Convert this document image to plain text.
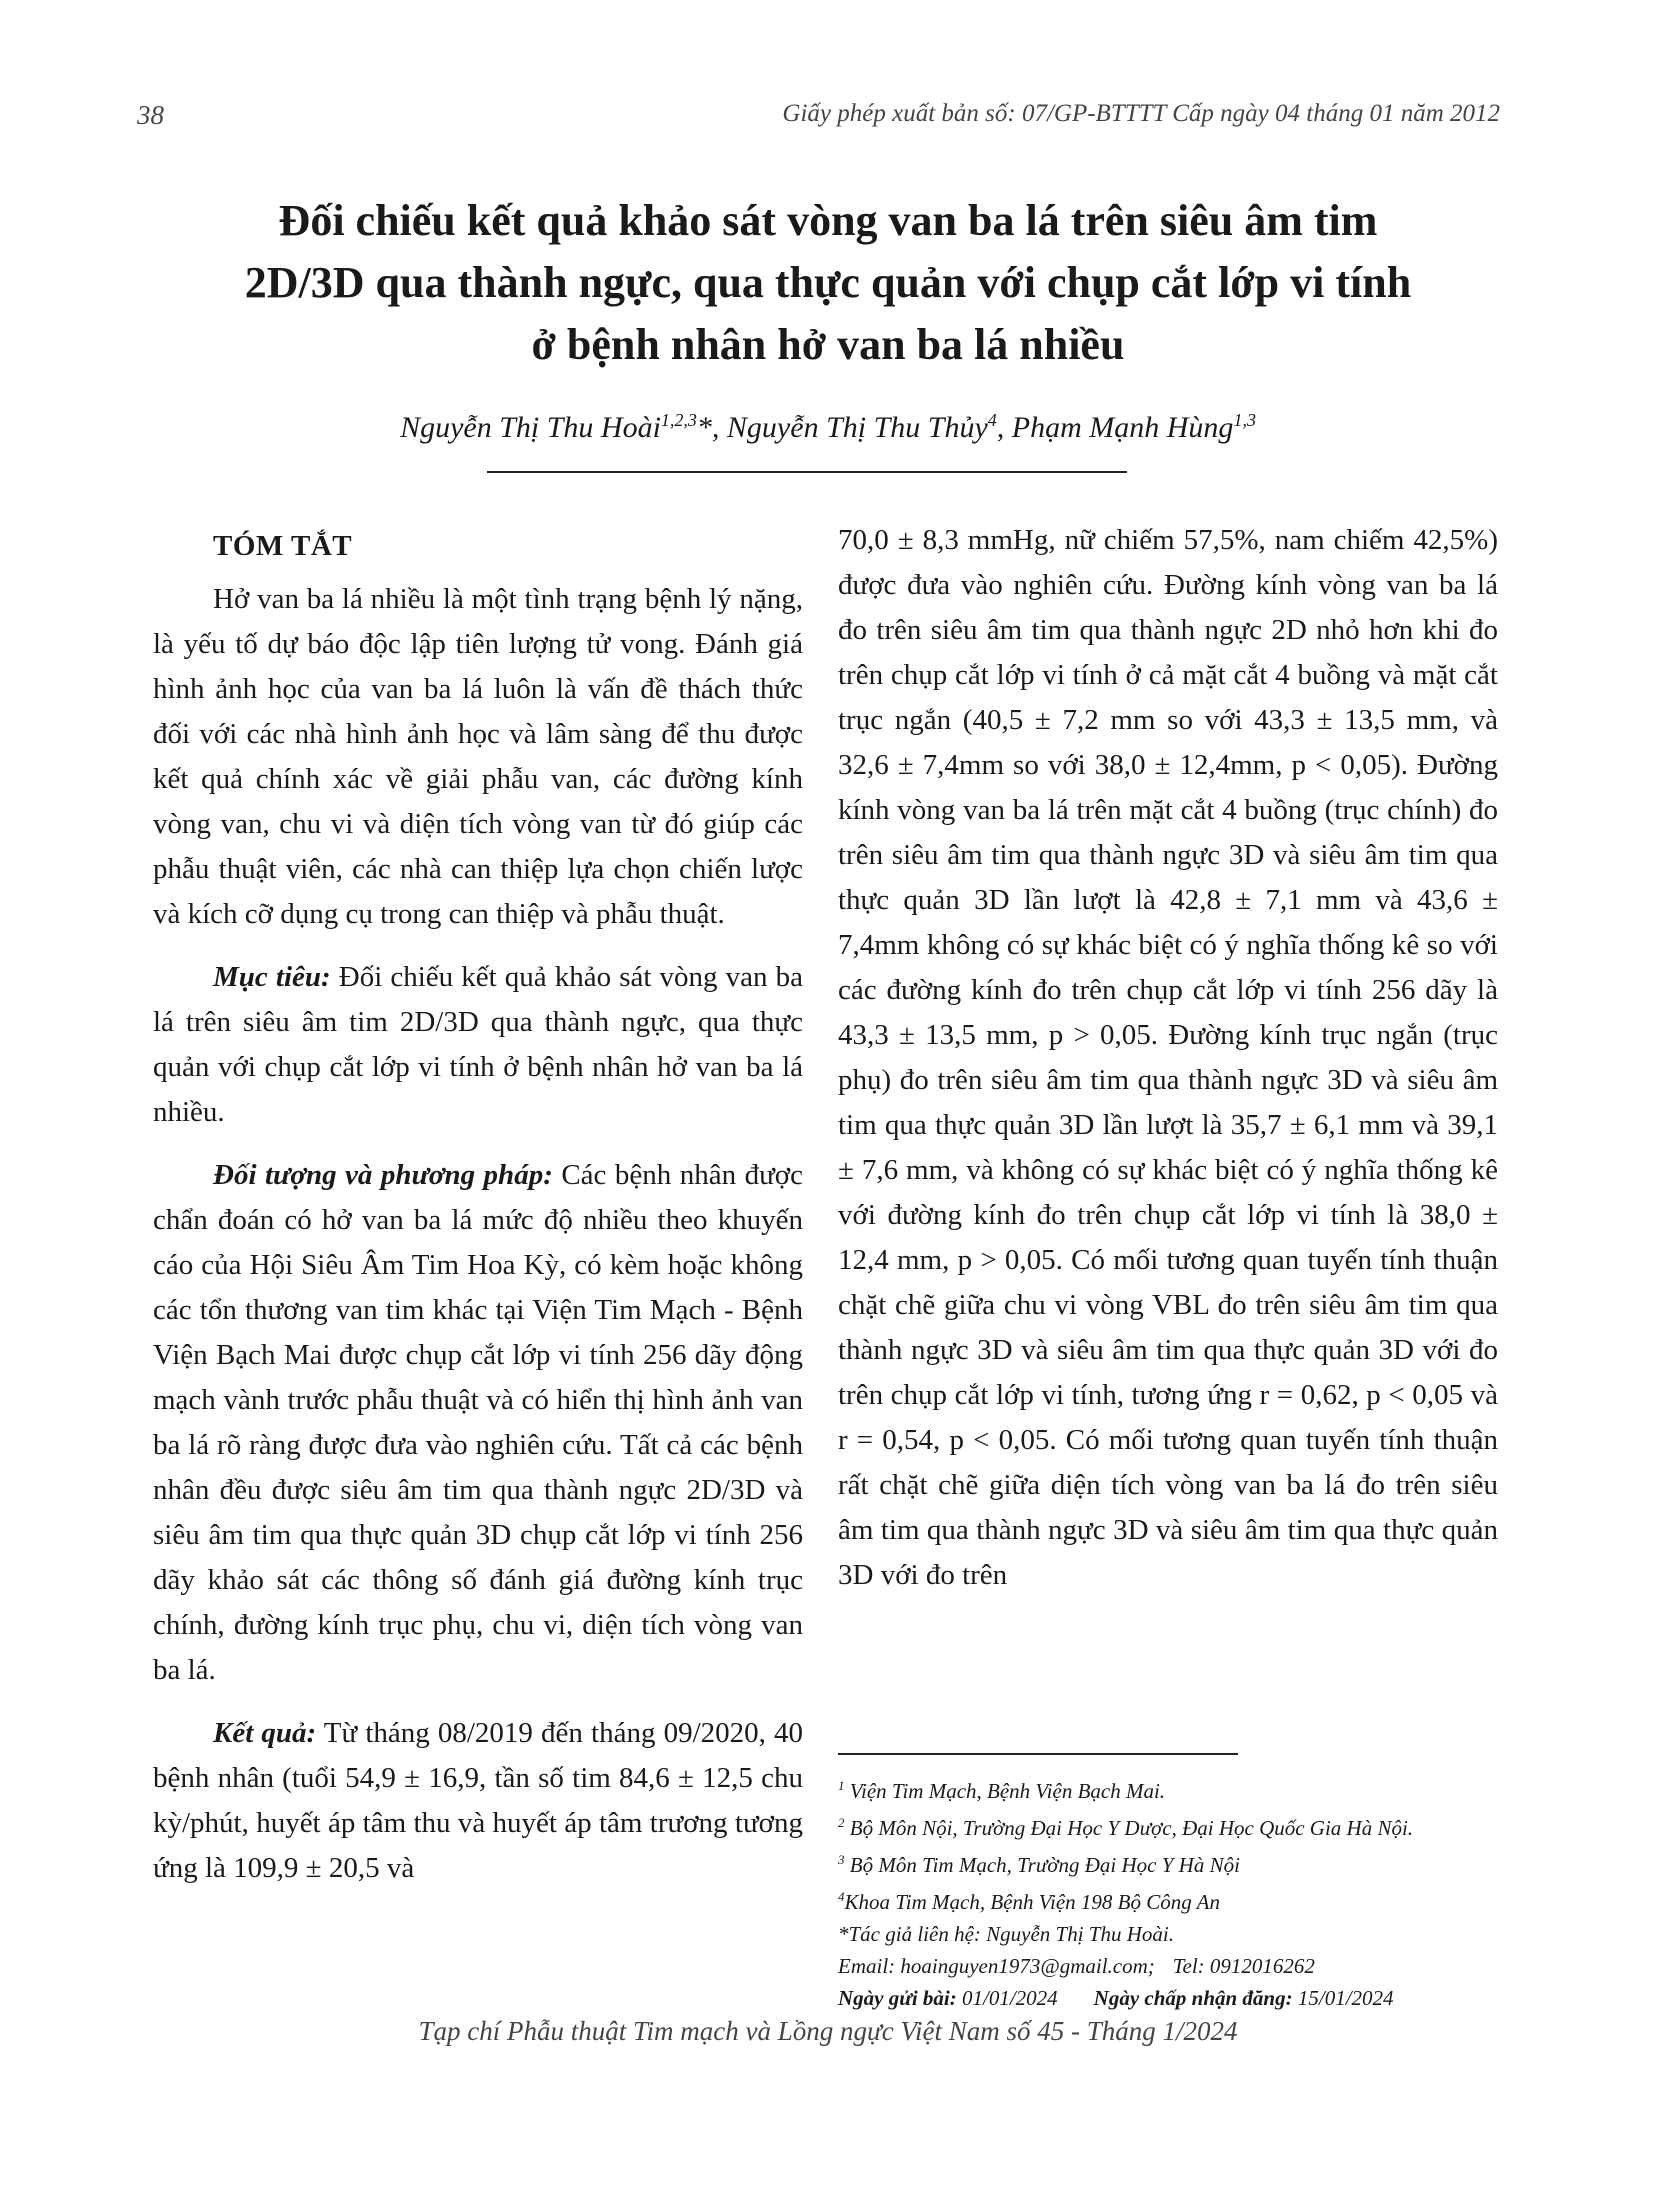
38	Giấy phép xuất bản số: 07/GP-BTTTT Cấp ngày 04 tháng 01 năm 2012
Đối chiếu kết quả khảo sát vòng van ba lá trên siêu âm tim
2D/3D qua thành ngực, qua thực quản với chụp cắt lớp vi tính
ở bệnh nhân hở van ba lá nhiều
Nguyễn Thị Thu Hoài$^{1,2,3}$*, Nguyễn Thị Thu Thủy$^4$, Phạm Mạnh Hùng$^{1,3}$
TÓM TẮT

Hở van ba lá nhiều là một tình trạng bệnh lý nặng, là yếu tố dự báo độc lập tiên lượng tử vong. Đánh giá hình ảnh học của van ba lá luôn là vấn đề thách thức đối với các nhà hình ảnh học và lâm sàng để thu được kết quả chính xác về giải phẫu van, các đường kính vòng van, chu vi và diện tích vòng van từ đó giúp các phẫu thuật viên, các nhà can thiệp lựa chọn chiến lược và kích cỡ dụng cụ trong can thiệp và phẫu thuật.

Mục tiêu: Đối chiếu kết quả khảo sát vòng van ba lá trên siêu âm tim 2D/3D qua thành ngực, qua thực quản với chụp cắt lớp vi tính ở bệnh nhân hở van ba lá nhiều.

Đối tượng và phương pháp: Các bệnh nhân được chẩn đoán có hở van ba lá mức độ nhiều theo khuyến cáo của Hội Siêu Âm Tim Hoa Kỳ, có kèm hoặc không các tổn thương van tim khác tại Viện Tim Mạch - Bệnh Viện Bạch Mai được chụp cắt lớp vi tính 256 dãy động mạch vành trước phẫu thuật và có hiển thị hình ảnh van ba lá rõ ràng được đưa vào nghiên cứu. Tất cả các bệnh nhân đều được siêu âm tim qua thành ngực 2D/3D và siêu âm tim qua thực quản 3D chụp cắt lớp vi tính 256 dãy khảo sát các thông số đánh giá đường kính trục chính, đường kính trục phụ, chu vi, diện tích vòng van ba lá.

Kết quả: Từ tháng 08/2019 đến tháng 09/2020, 40 bệnh nhân (tuổi 54,9 ± 16,9, tần số tim 84,6 ± 12,5 chu kỳ/phút, huyết áp tâm thu và huyết áp tâm trương tương ứng là 109,9 ± 20,5 và

70,0 ± 8,3 mmHg, nữ chiếm 57,5%, nam chiếm 42,5%) được đưa vào nghiên cứu. Đường kính vòng van ba lá đo trên siêu âm tim qua thành ngực 2D nhỏ hơn khi đo trên chụp cắt lớp vi tính ở cả mặt cắt 4 buồng và mặt cắt trục ngắn (40,5 ± 7,2 mm so với 43,3 ± 13,5 mm, và 32,6 ± 7,4mm so với 38,0 ± 12,4mm, p < 0,05). Đường kính vòng van ba lá trên mặt cắt 4 buồng (trục chính) đo trên siêu âm tim qua thành ngực 3D và siêu âm tim qua thực quản 3D lần lượt là 42,8 ± 7,1 mm và 43,6 ± 7,4mm không có sự khác biệt có ý nghĩa thống kê so với các đường kính đo trên chụp cắt lớp vi tính 256 dãy là 43,3 ± 13,5 mm, p > 0,05. Đường kính trục ngắn (trục phụ) đo trên siêu âm tim qua thành ngực 3D và siêu âm tim qua thực quản 3D lần lượt là 35,7 ± 6,1 mm và 39,1 ± 7,6 mm, và không có sự khác biệt có ý nghĩa thống kê với đường kính đo trên chụp cắt lớp vi tính là 38,0 ± 12,4 mm, p > 0,05. Có mối tương quan tuyến tính thuận chặt chẽ giữa chu vi vòng VBL đo trên siêu âm tim qua thành ngực 3D và siêu âm tim qua thực quản 3D với đo trên chụp cắt lớp vi tính, tương ứng r = 0,62, p < 0,05 và r = 0,54, p < 0,05. Có mối tương quan tuyến tính thuận rất chặt chẽ giữa diện tích vòng van ba lá đo trên siêu âm tim qua thành ngực 3D và siêu âm tim qua thực quản 3D với đo trên

$^1$ Viện Tim Mạch, Bệnh Viện Bạch Mai.
$^2$ Bộ Môn Nội, Trường Đại Học Y Dược, Đại Học Quốc Gia Hà Nội.
$^3$ Bộ Môn Tim Mạch, Trường Đại Học Y Hà Nội
$^4$Khoa Tim Mạch, Bệnh Viện 198 Bộ Công An
*Tác giả liên hệ: Nguyễn Thị Thu Hoài.
Email: hoainguyen1973@gmail.com; Tel: 0912016262
Ngày gửi bài: 01/01/2024 Ngày chấp nhận đăng: 15/01/2024
Tạp chí Phẫu thuật Tim mạch và Lồng ngực Việt Nam số 45 - Tháng 1/2024
